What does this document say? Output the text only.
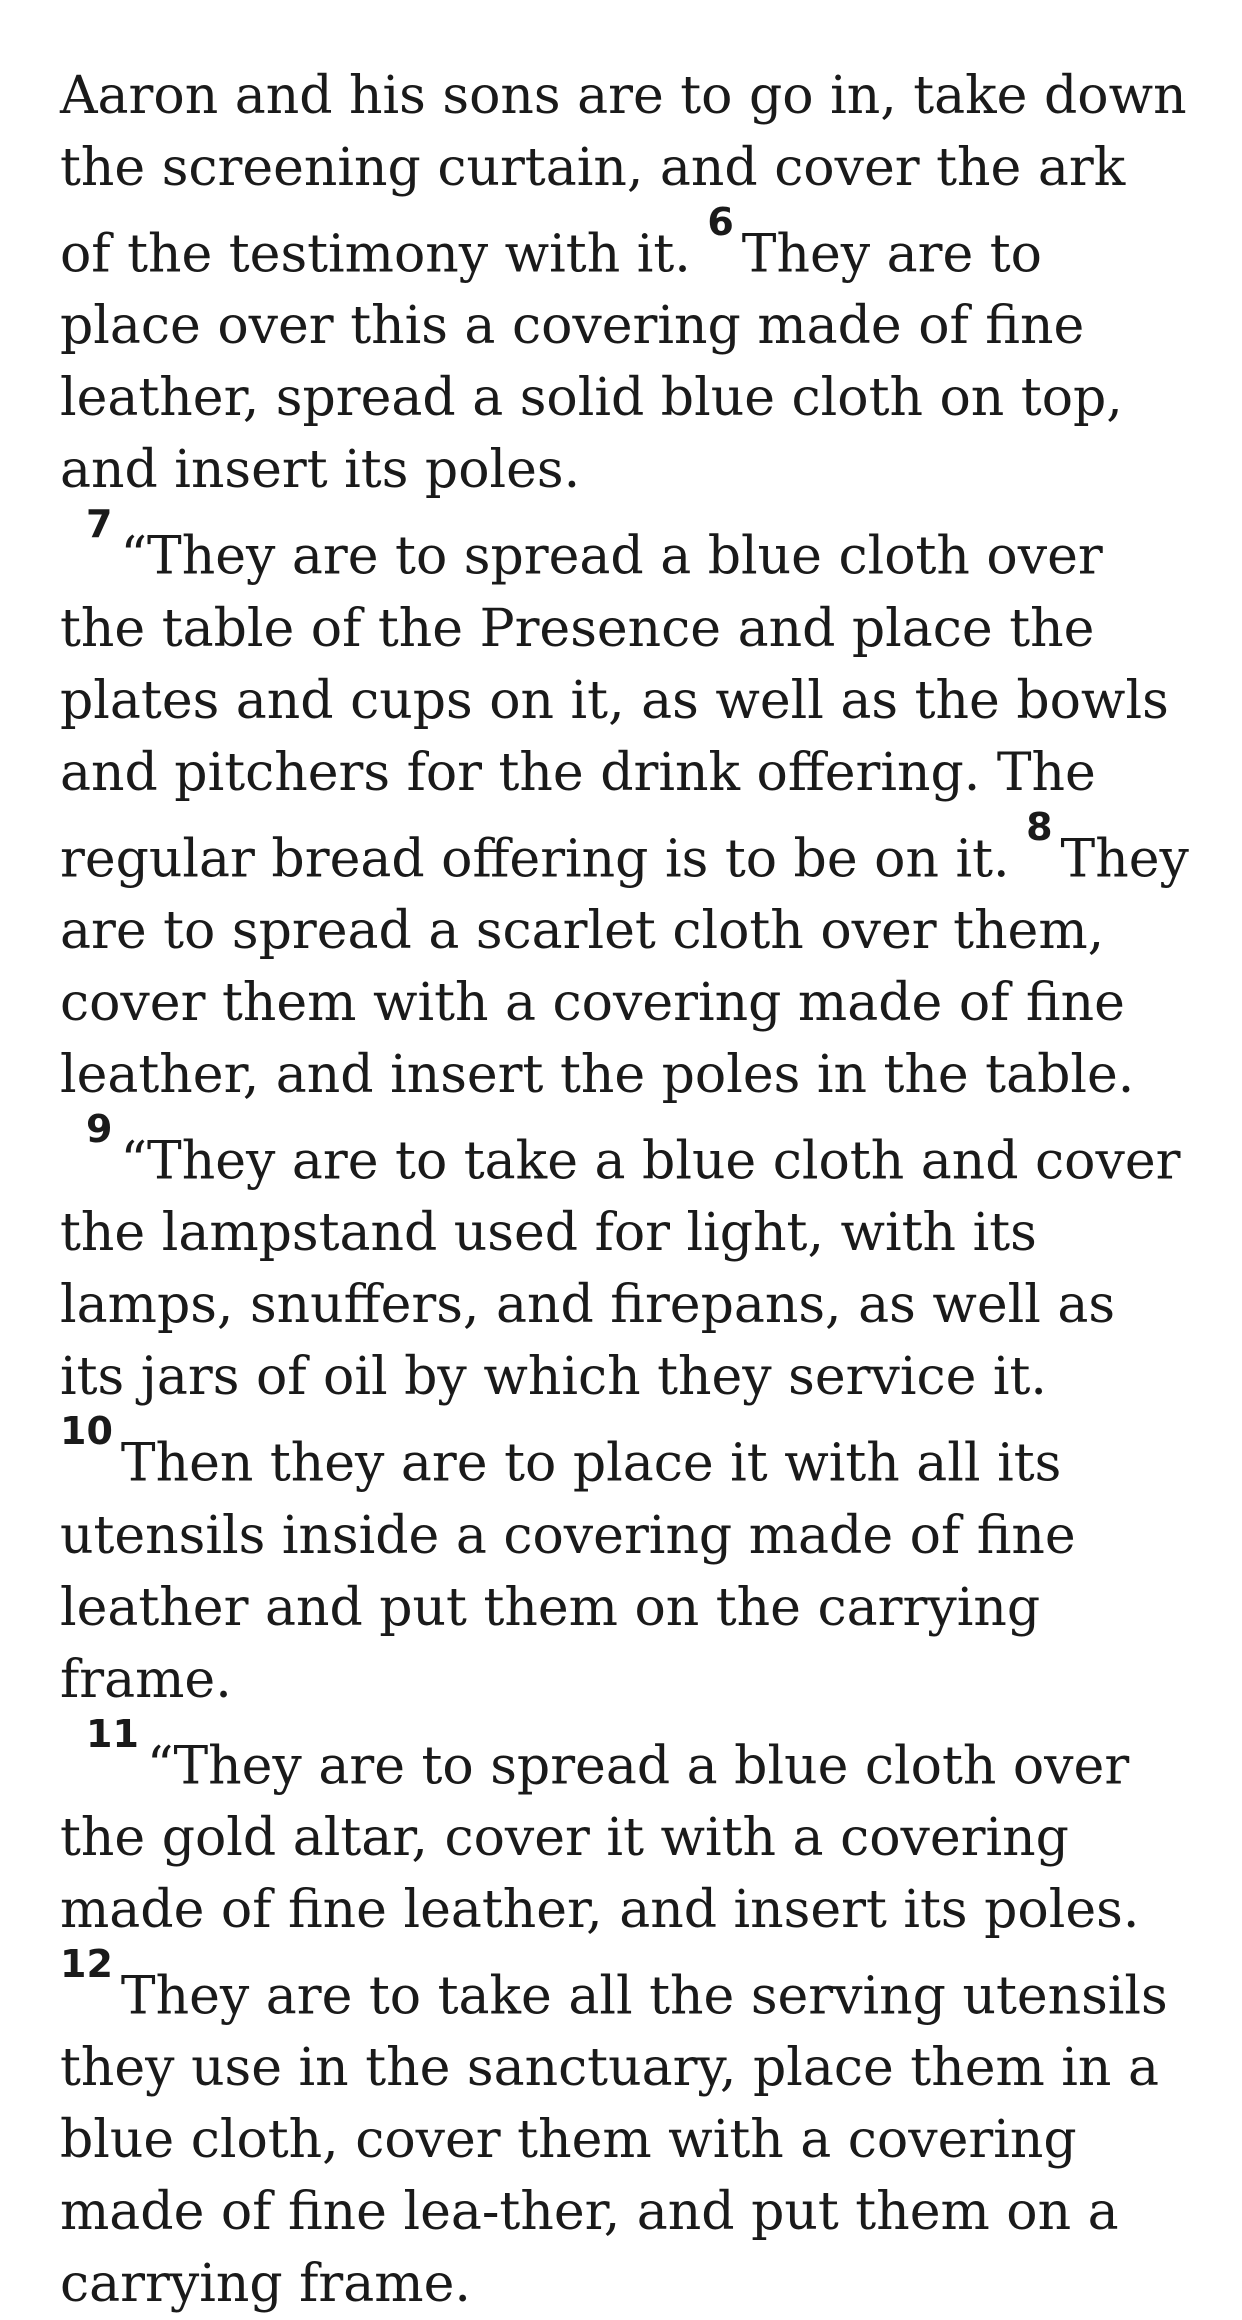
Aaron and his sons are to go in, take down the screening curtain, and cover the ark of the testimony with it. $^6$They are to place over this a covering made of fine leather, spread a solid blue cloth on top, and insert its poles.

$^7$“They are to spread a blue cloth over the table of the Presence and place the plates and cups on it, as well as the bowls and pitchers for the drink offering. The regular bread offering is to be on it. $^8$They are to spread a scarlet cloth over them, cover them with a covering made of fine leather, and insert the poles in the table.

$^9$“They are to take a blue cloth and cover the lampstand used for light, with its lamps, snuffers, and firepans, as well as its jars of oil by which they service it. $^{10}$Then they are to place it with all its utensils inside a covering made of fine leather and put them on the carrying frame.

$^{11}$“They are to spread a blue cloth over the gold altar, cover it with a covering made of fine leather, and insert its poles. $^{12}$They are to take all the serving utensils they use in the sanctuary, place them in a blue cloth, cover them with a covering made of fine lea-ther, and put them on a carrying frame.
